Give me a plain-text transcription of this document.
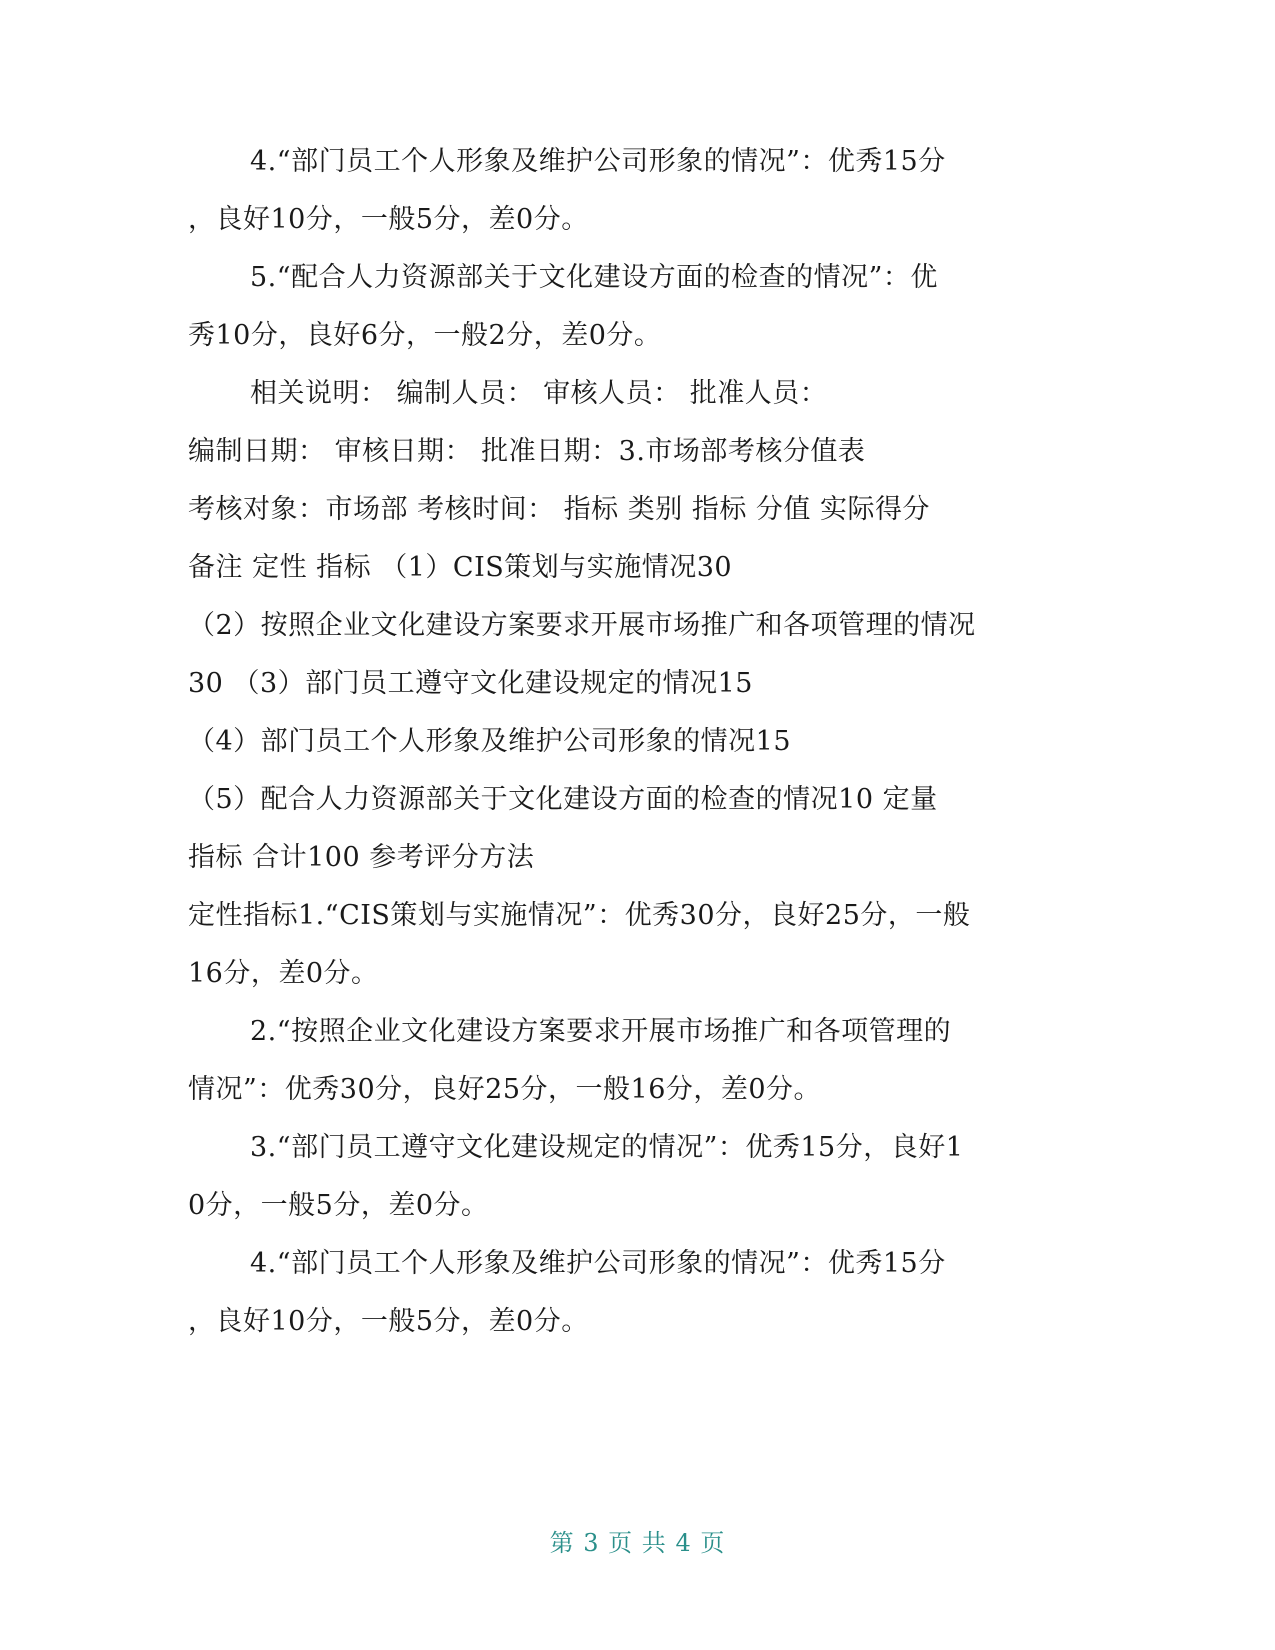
4.“部门员工个人形象及维护公司形象的情况”：优秀15分
，良好10分，一般5分，差0分。
5.“配合人力资源部关于文化建设方面的检查的情况”：优
秀10分，良好6分，一般2分，差0分。
相关说明： 编制人员： 审核人员： 批准人员：
编制日期： 审核日期： 批准日期：3.市场部考核分值表
考核对象：市场部 考核时间： 指标 类别 指标 分值 实际得分
备注 定性 指标 （1）CIS策划与实施情况30
（2）按照企业文化建设方案要求开展市场推广和各项管理的情况
30 （3）部门员工遵守文化建设规定的情况15
（4）部门员工个人形象及维护公司形象的情况15
（5）配合人力资源部关于文化建设方面的检查的情况10 定量
指标 合计100 参考评分方法
定性指标1.“CIS策划与实施情况”：优秀30分，良好25分，一般
16分，差0分。
2.“按照企业文化建设方案要求开展市场推广和各项管理的
情况”：优秀30分，良好25分，一般16分，差0分。
3.“部门员工遵守文化建设规定的情况”：优秀15分，良好1
0分，一般5分，差0分。
4.“部门员工个人形象及维护公司形象的情况”：优秀15分
，良好10分，一般5分，差0分。
第 3 页 共 4 页
